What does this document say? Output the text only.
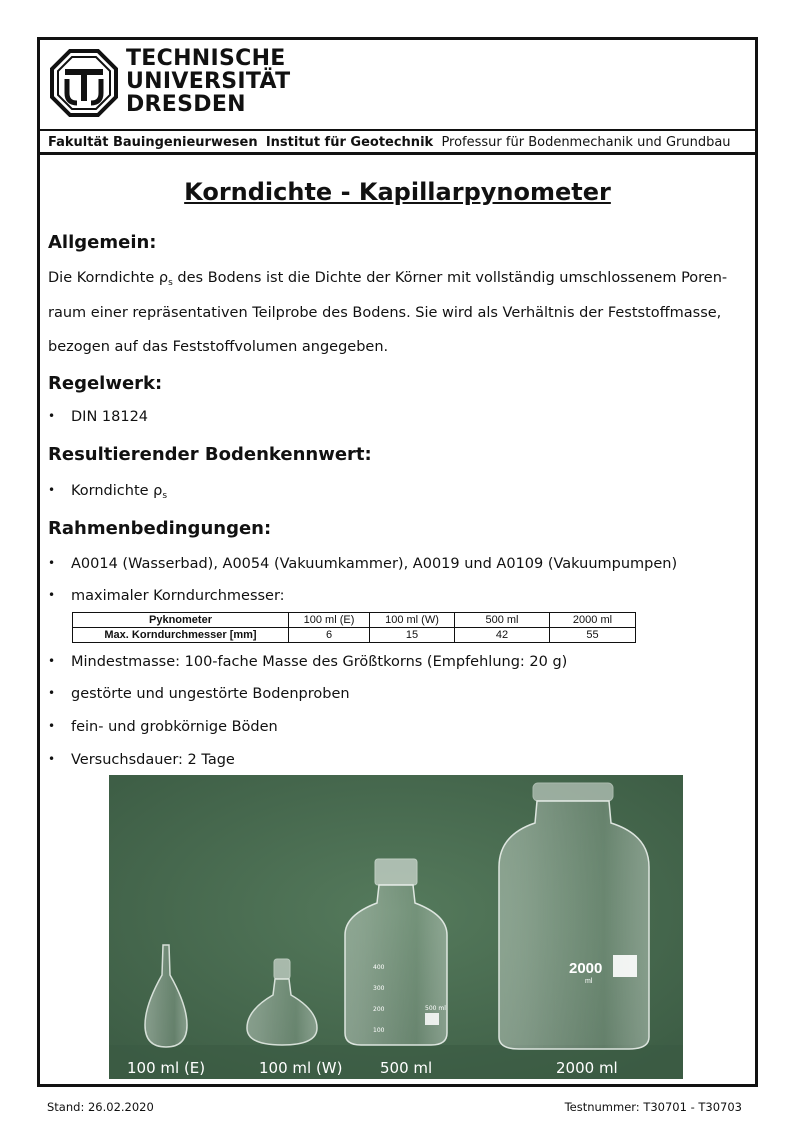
TECHNISCHE
UNIVERSITÄT
DRESDEN
Fakultät Bauingenieurwesen Institut für Geotechnik Professur für Bodenmechanik und Grundbau
Korndichte - Kapillarpynometer
Allgemein:
Die Korndichte $\rho_s$ des Bodens ist die Dichte der Körner mit vollständig umschlossenem Poren-
raum einer repräsentativen Teilprobe des Bodens. Sie wird als Verhältnis der Feststoffmasse,
bezogen auf das Feststoffvolumen angegeben.
Regelwerk:
• DIN 18124
Resultierender Bodenkennwert:
• Korndichte $\rho_s$
Rahmenbedingungen:
• A0014 (Wasserbad), A0054 (Vakuumkammer), A0019 und A0109 (Vakuumpumpen)
• maximaler Korndurchmesser:
Pyknometer	100 ml (E)	100 ml (W)	500 ml	2000 ml
Max. Korndurchmesser [mm]	6	15	42	55
• Mindestmasse: 100-fache Masse des Größtkorns (Empfehlung: 20 g)
• gestörte und ungestörte Bodenproben
• fein- und grobkörnige Böden
• Versuchsdauer: 2 Tage
400
300
200
100
500 ml
2000
ml
100 ml (E)	100 ml (W)	500 ml	2000 ml
Stand: 26.02.2020	Testnummer: T30701 - T30703
